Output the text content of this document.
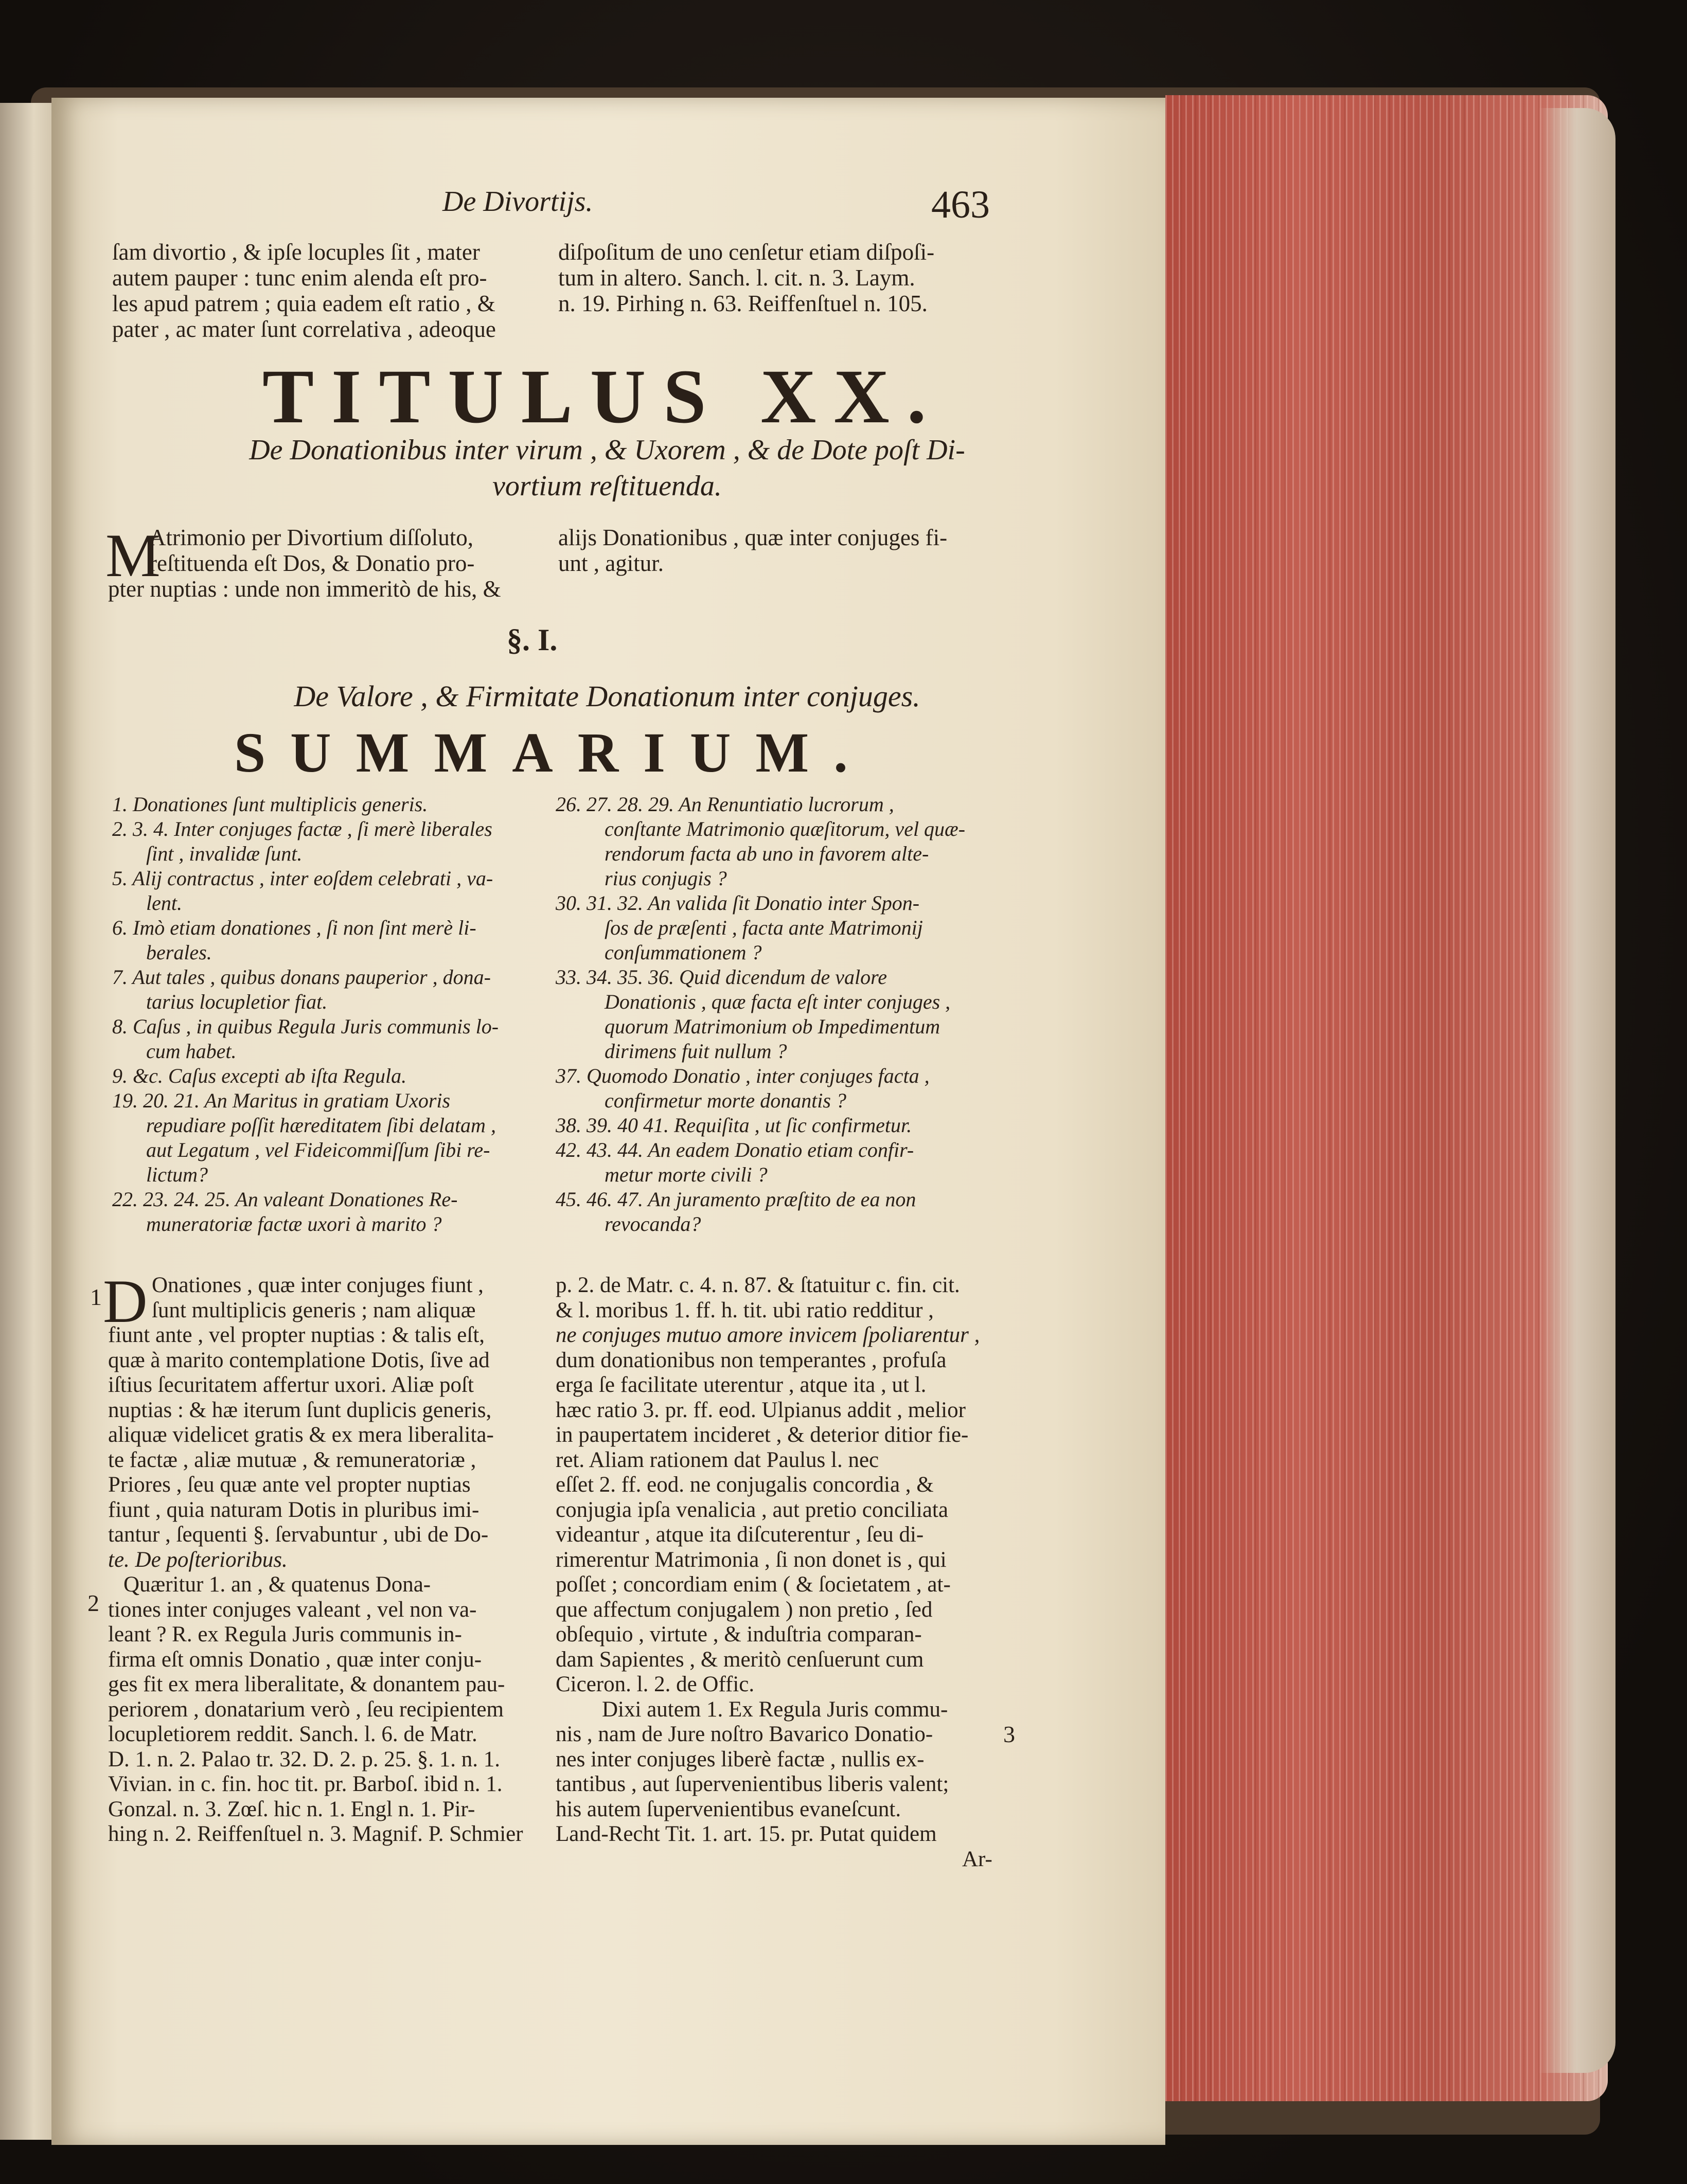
De Divortijs.	463
ſam divortio , & ipſe locuples ſit , mater
autem pauper : tunc enim alenda eſt pro-
les apud patrem ; quia eadem eſt ratio , &
pater , ac mater ſunt correlativa , adeoque
diſpoſitum de uno cenſetur etiam diſpoſi-
tum in altero. Sanch. l. cit. n. 3. Laym.
n. 19. Pirhing n. 63. Reiffenſtuel n. 105.
TITULUS XX.
De Donationibus inter virum , & Uxorem , & de Dote poſt Di-
vortium reſtituenda.
M
Atrimonio per Divortium diſſoluto,
reſtituenda eſt Dos, & Donatio pro-
pter nuptias : unde non immeritò de his, &
alijs Donationibus , quæ inter conjuges fi-
unt , agitur.
§. I.
De Valore , & Firmitate Donationum inter conjuges.
SUMMARIUM.
1. Donationes ſunt multiplicis generis.
2. 3. 4. Inter conjuges factæ , ſi merè liberales
ſint , invalidæ ſunt.
5. Alij contractus , inter eoſdem celebrati , va-
lent.
6. Imò etiam donationes , ſi non ſint merè li-
berales.
7. Aut tales , quibus donans pauperior , dona-
tarius locupletior fiat.
8. Caſus , in quibus Regula Juris communis lo-
cum habet.
9. &c. Caſus excepti ab iſta Regula.
19. 20. 21. An Maritus in gratiam Uxoris
repudiare poſſit hæreditatem ſibi delatam ,
aut Legatum , vel Fideicommiſſum ſibi re-
lictum?
22. 23. 24. 25. An valeant Donationes Re-
muneratoriæ factæ uxori à marito ?
26. 27. 28. 29. An Renuntiatio lucrorum ,
conſtante Matrimonio quæſitorum, vel quæ-
rendorum facta ab uno in favorem alte-
rius conjugis ?
30. 31. 32. An valida ſit Donatio inter Spon-
ſos de præſenti , facta ante Matrimonij
conſummationem ?
33. 34. 35. 36. Quid dicendum de valore
Donationis , quæ facta eſt inter conjuges ,
quorum Matrimonium ob Impedimentum
dirimens fuit nullum ?
37. Quomodo Donatio , inter conjuges facta ,
confirmetur morte donantis ?
38. 39. 40 41. Requiſita , ut ſic confirmetur.
42. 43. 44. An eadem Donatio etiam confir-
metur morte civili ?
45. 46. 47. An juramento præſtito de ea non
revocanda?
1 D
2
3
Onationes , quæ inter conjuges fiunt ,
ſunt multiplicis generis ; nam aliquæ
fiunt ante , vel propter nuptias : & talis eſt,
quæ à marito contemplatione Dotis, ſive ad
iſtius ſecuritatem affertur uxori. Aliæ poſt
nuptias : & hæ iterum ſunt duplicis generis,
aliquæ videlicet gratis & ex mera liberalita-
te factæ , aliæ mutuæ , & remuneratoriæ ,
Priores , ſeu quæ ante vel propter nuptias
fiunt , quia naturam Dotis in pluribus imi-
tantur , ſequenti §. ſervabuntur , ubi de Do-
te. De poſterioribus.
Quæritur 1. an , & quatenus Dona-
tiones inter conjuges valeant , vel non va-
leant ? R. ex Regula Juris communis in-
firma eſt omnis Donatio , quæ inter conju-
ges fit ex mera liberalitate, & donantem pau-
periorem , donatarium verò , ſeu recipientem
locupletiorem reddit. Sanch. l. 6. de Matr.
D. 1. n. 2. Palao tr. 32. D. 2. p. 25. §. 1. n. 1.
Vivian. in c. fin. hoc tit. pr. Barboſ. ibid n. 1.
Gonzal. n. 3. Zœſ. hic n. 1. Engl n. 1. Pir-
hing n. 2. Reiffenſtuel n. 3. Magnif. P. Schmier
p. 2. de Matr. c. 4. n. 87. & ſtatuitur c. fin. cit.
& l. moribus 1. ff. h. tit. ubi ratio redditur ,
ne conjuges mutuo amore invicem ſpoliarentur ,
dum donationibus non temperantes , profuſa
erga ſe facilitate uterentur , atque ita , ut l.
hæc ratio 3. pr. ff. eod. Ulpianus addit , melior
in paupertatem incideret , & deterior ditior fie-
ret. Aliam rationem dat Paulus l. nec
eſſet 2. ff. eod. ne conjugalis concordia , &
conjugia ipſa venalicia , aut pretio conciliata
videantur , atque ita diſcuterentur , ſeu di-
rimerentur Matrimonia , ſi non donet is , qui
poſſet ; concordiam enim ( & ſocietatem , at-
que affectum conjugalem ) non pretio , ſed
obſequio , virtute , & induſtria comparan-
dam Sapientes , & meritò cenſuerunt cum
Ciceron. l. 2. de Offic.
Dixi autem 1. Ex Regula Juris commu-
nis , nam de Jure noſtro Bavarico Donatio-
nes inter conjuges liberè factæ , nullis ex-
tantibus , aut ſupervenientibus liberis valent;
his autem ſupervenientibus evaneſcunt.
Land-Recht Tit. 1. art. 15. pr. Putat quidem
Ar-
